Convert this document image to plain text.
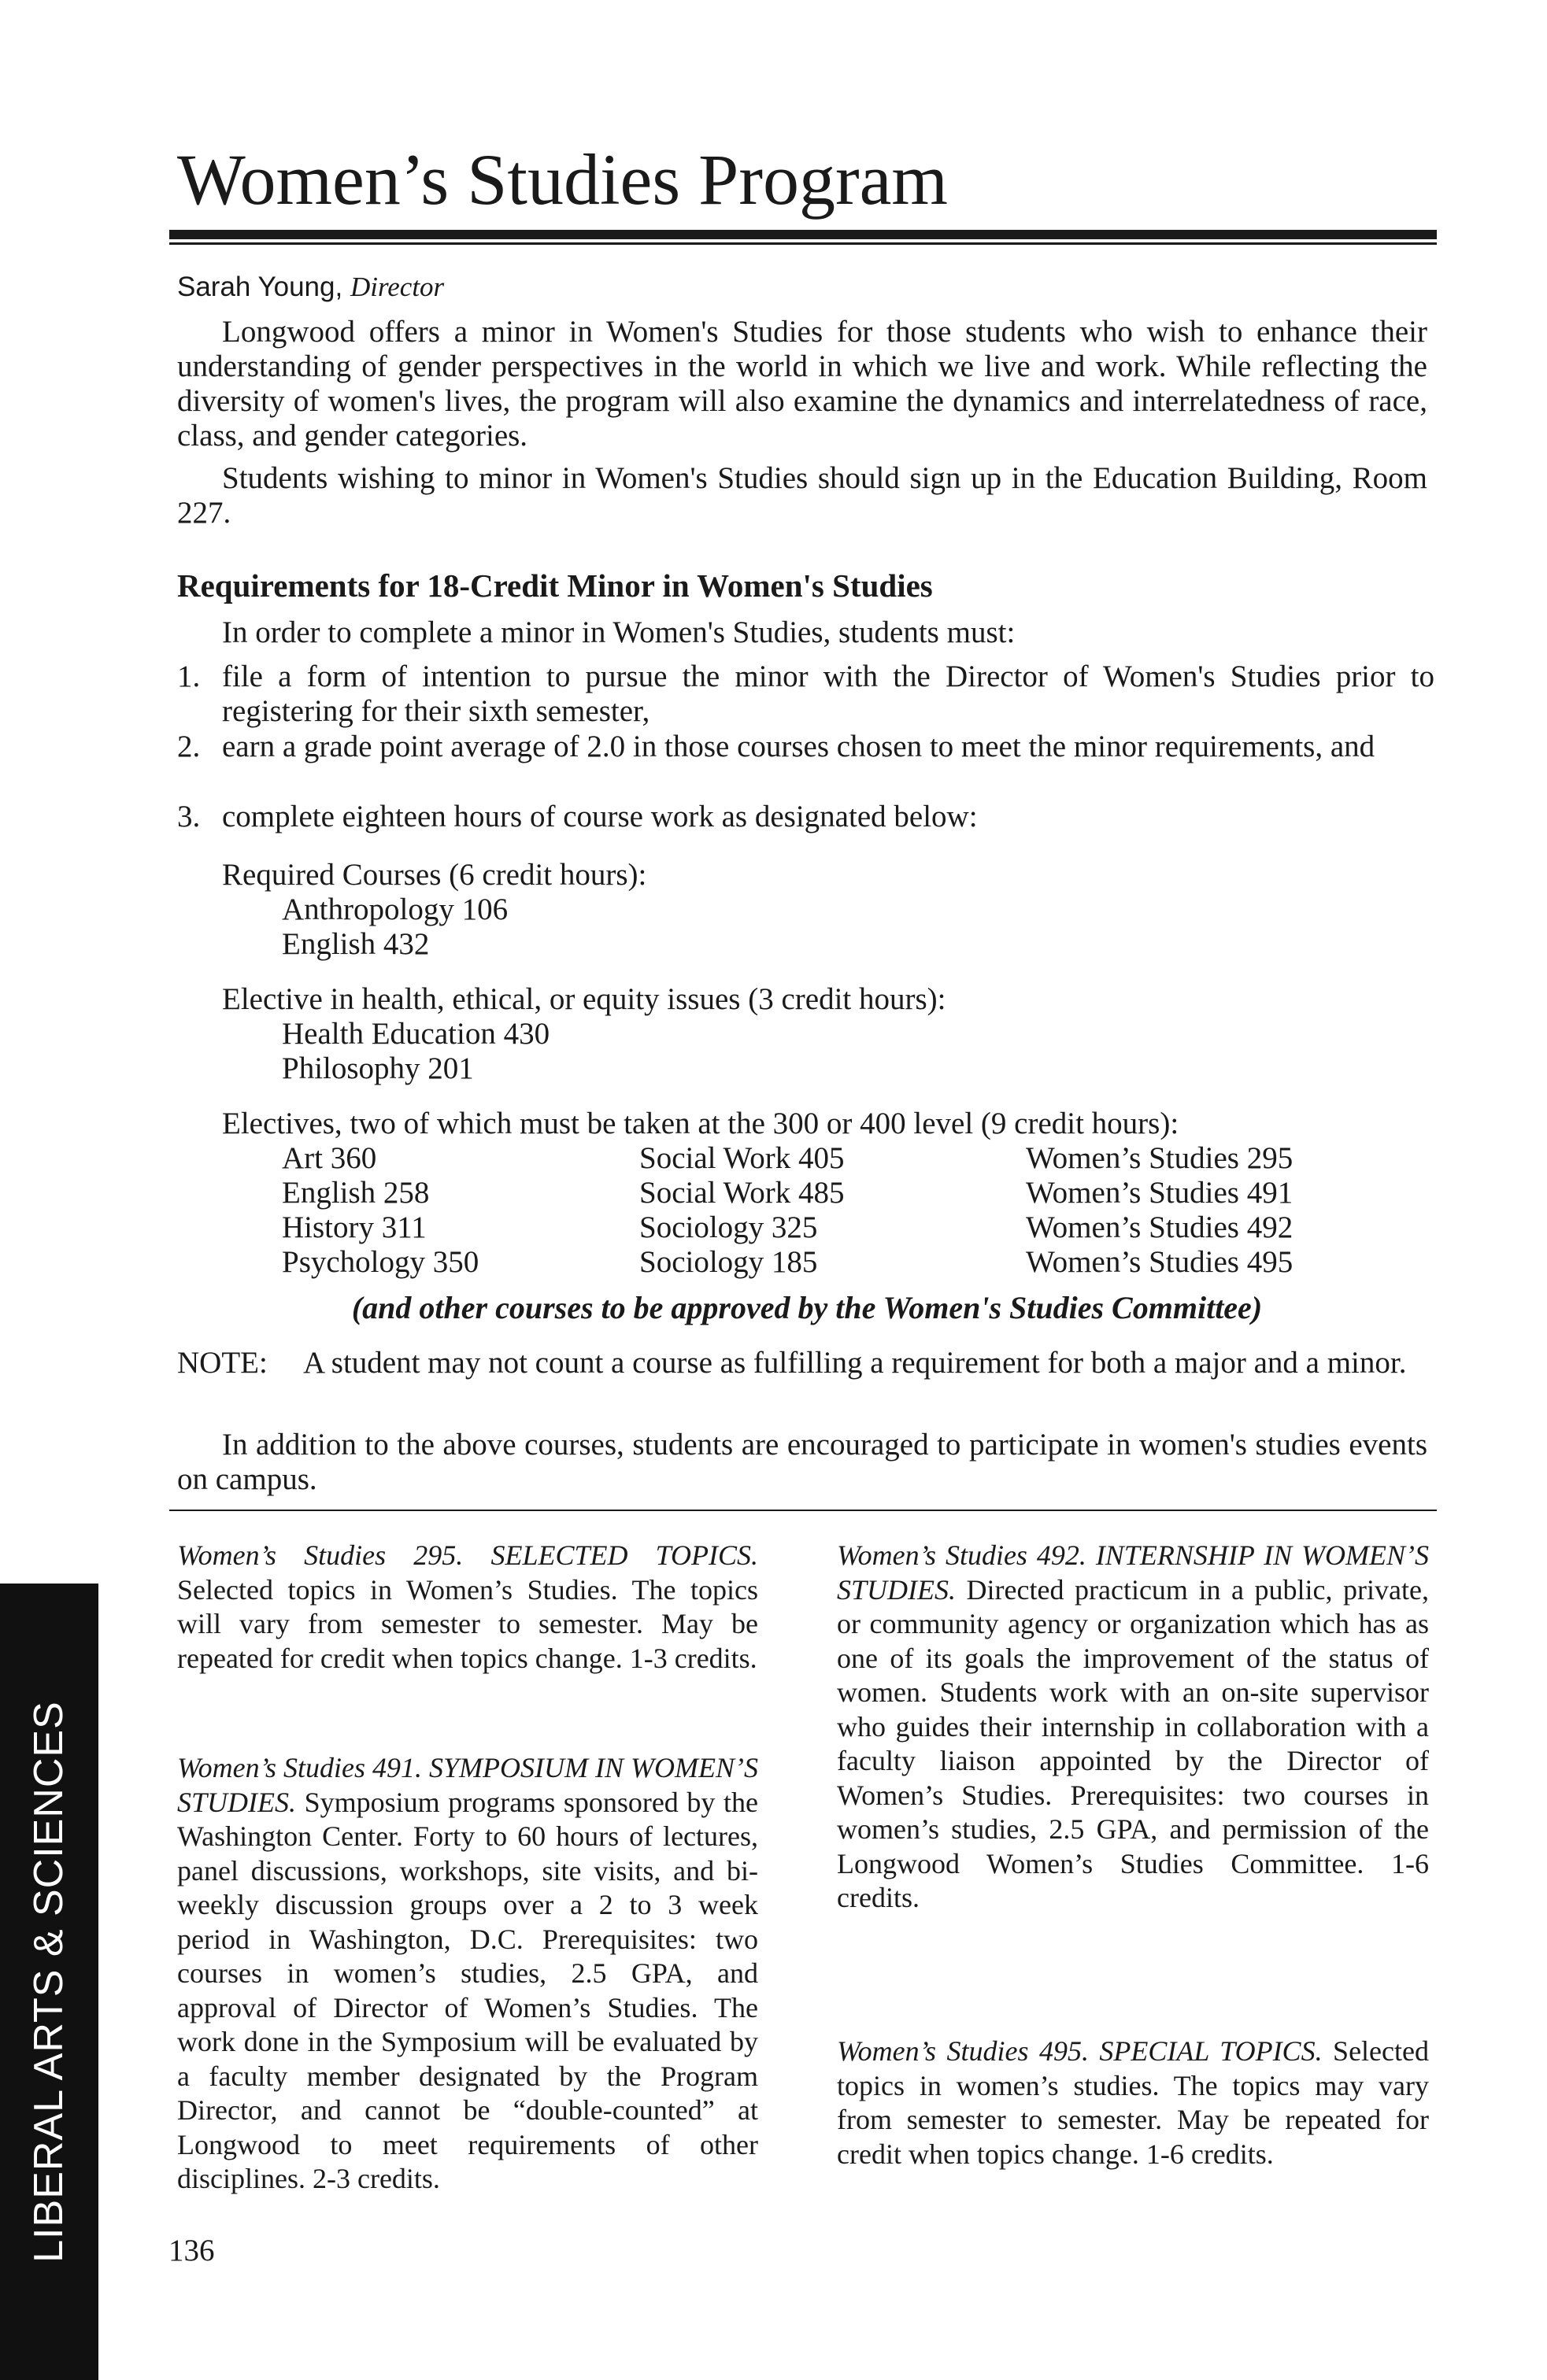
Women’s Studies Program

Sarah Young, Director

Longwood offers a minor in Women's Studies for those students who wish to enhance their understanding of gender perspectives in the world in which we live and work. While reflecting the diversity of women's lives, the program will also examine the dynamics and interrelatedness of race, class, and gender categories.

Students wishing to minor in Women's Studies should sign up in the Education Building, Room 227.

Requirements for 18-Credit Minor in Women's Studies

In order to complete a minor in Women's Studies, students must:

1. file a form of intention to pursue the minor with the Director of Women's Studies prior to registering for their sixth semester,

2. earn a grade point average of 2.0 in those courses chosen to meet the minor requirements, and

3. complete eighteen hours of course work as designated below:

Required Courses (6 credit hours):

Anthropology 106

English 432

Elective in health, ethical, or equity issues (3 credit hours):

Health Education 430

Philosophy 201

Electives, two of which must be taken at the 300 or 400 level (9 credit hours):

Art 360
English 258
History 311
Psychology 350
Social Work 405
Social Work 485
Sociology 325
Sociology 185
Women’s Studies 295
Women’s Studies 491
Women’s Studies 492
Women’s Studies 495

(and other courses to be approved by the Women's Studies Committee)

NOTE: A student may not count a course as fulfilling a requirement for both a major and a minor.

In addition to the above courses, students are encouraged to participate in women's studies events on campus.

Women’s Studies 295. SELECTED TOPICS. Selected topics in Women’s Studies. The topics will vary from semester to semester. May be repeated for credit when topics change. 1-3 credits.

Women’s Studies 491. SYMPOSIUM IN WOMEN’S STUDIES. Symposium programs sponsored by the Washington Center. Forty to 60 hours of lectures, panel discussions, workshops, site visits, and bi-weekly discussion groups over a 2 to 3 week period in Washington, D.C. Prerequisites: two courses in women’s studies, 2.5 GPA, and approval of Director of Women’s Studies. The work done in the Symposium will be evaluated by a faculty member designated by the Program Director, and cannot be “double-counted” at Longwood to meet requirements of other disciplines. 2-3 credits.

Women’s Studies 492. INTERNSHIP IN WOMEN’S STUDIES. Directed practicum in a public, private, or community agency or organization which has as one of its goals the improvement of the status of women. Students work with an on-site supervisor who guides their internship in collaboration with a faculty liaison appointed by the Director of Women’s Studies. Prerequisites: two courses in women’s studies, 2.5 GPA, and permission of the Longwood Women’s Studies Committee. 1-6 credits.

Women’s Studies 495. SPECIAL TOPICS. Selected topics in women’s studies. The topics may vary from semester to semester. May be repeated for credit when topics change. 1-6 credits.

136

LIBERAL ARTS & SCIENCES
